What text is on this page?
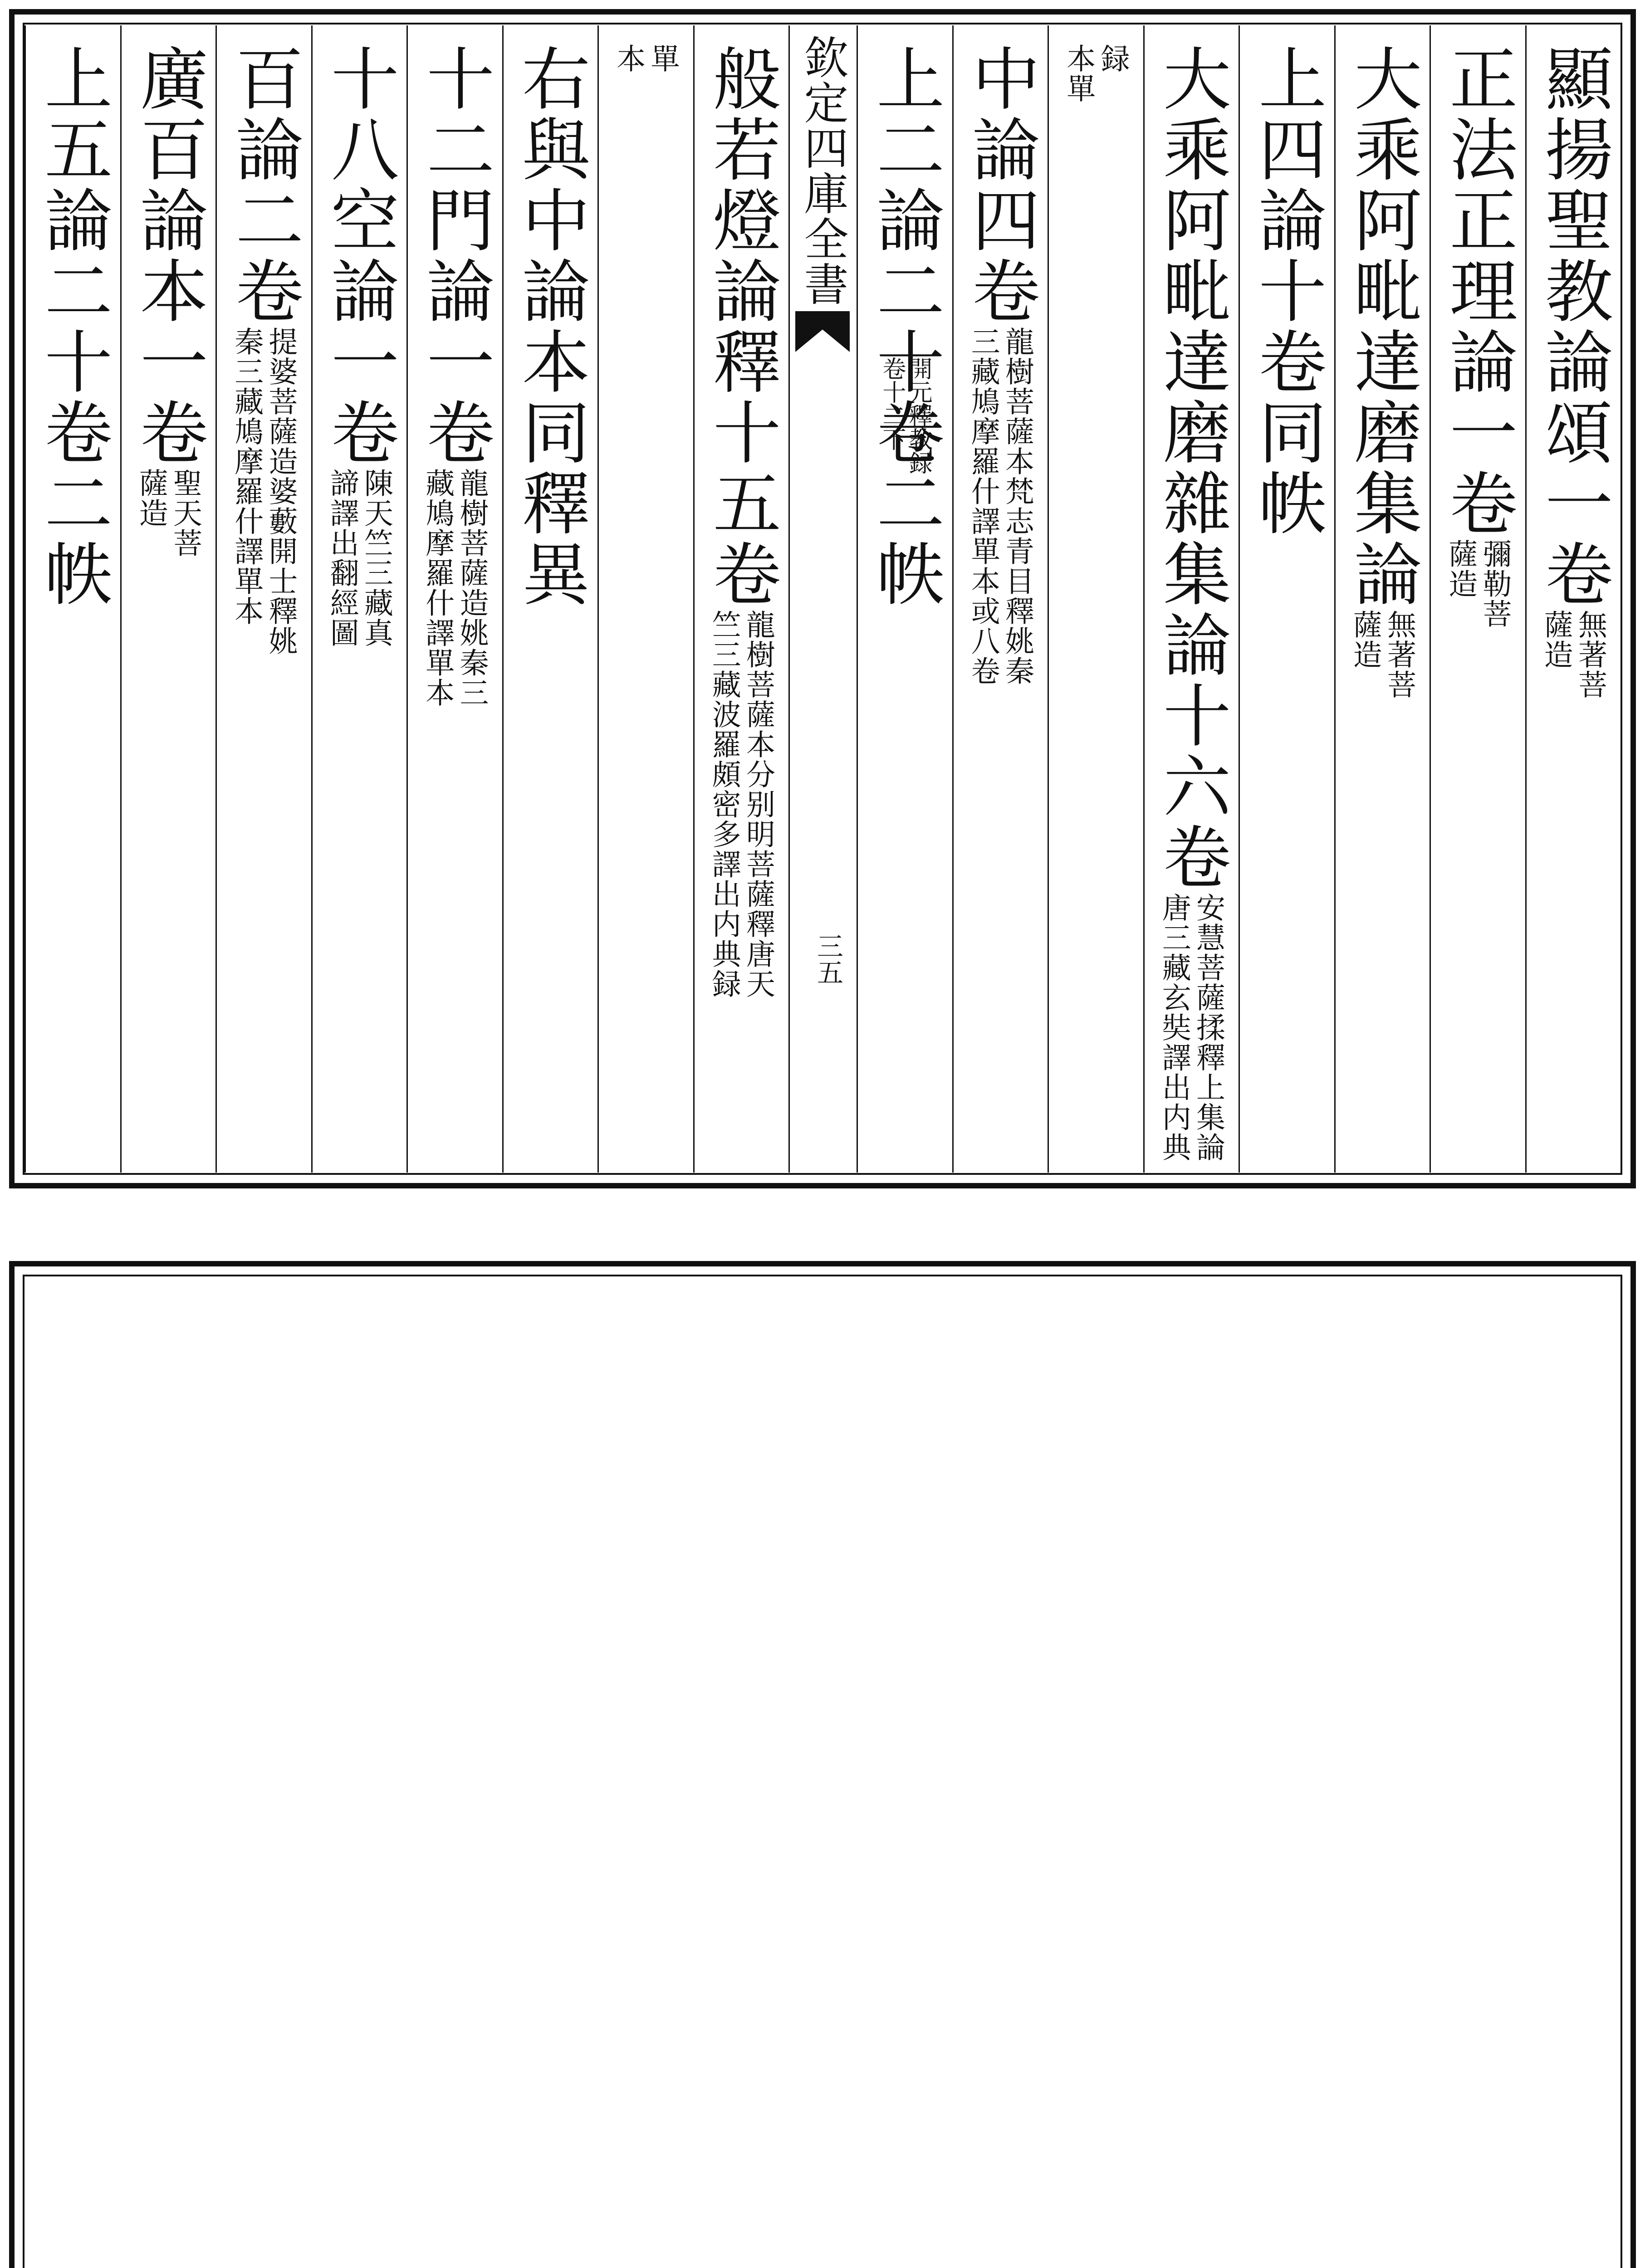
顯揚聖教論頌一卷
無著菩
薩造
正法正理論一卷
彌勒菩
薩造
大乘阿毗達磨集論
無著菩
薩造
上四論十卷同帙
大乘阿毗達磨雜集論十六卷
安慧菩薩揉釋上集論
唐三藏玄奘譯出内典
録
本單
中論四卷
龍樹菩薩本梵志青目釋姚秦
三藏鳩摩羅什譯單本或八卷
上二論二十卷二帙
般若燈論釋十五卷
龍樹菩薩本分别明菩薩釋唐天
竺三藏波羅頗密多譯出内典録
單
本
右與中論本同釋異
十二門論一卷
龍樹菩薩造姚秦三
藏鳩摩羅什譯單本
十八空論一卷
陳天竺三藏真
諦譯出翻經圖
百論二卷
提婆菩薩造婆藪開士釋姚
秦三藏鳩摩羅什譯單本
廣百論本一卷
聖天菩
薩造
上五論二十卷二帙	欽定四庫全書
開元釋教録
卷十二下
三五
